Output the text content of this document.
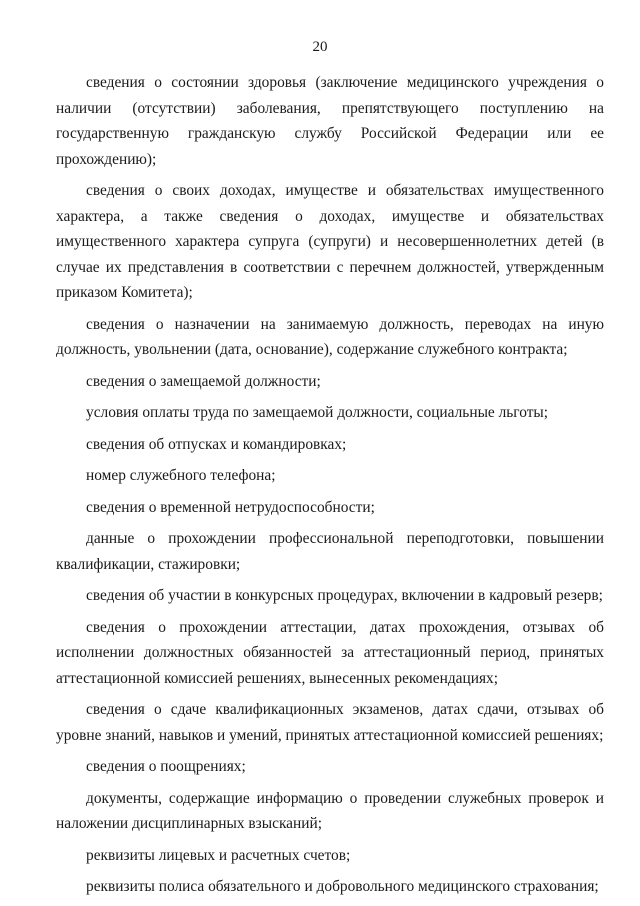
20

сведения о состоянии здоровья (заключение медицинского учреждения о наличии (отсутствии) заболевания, препятствующего поступлению на государственную гражданскую службу Российской Федерации или ее прохождению);

сведения о своих доходах, имуществе и обязательствах имущественного характера, а также сведения о доходах, имуществе и обязательствах имущественного характера супруга (супруги) и несовершеннолетних детей (в случае их представления в соответствии с перечнем должностей, утвержденным приказом Комитета);

сведения о назначении на занимаемую должность, переводах на иную должность, увольнении (дата, основание), содержание служебного контракта;

сведения о замещаемой должности;

условия оплаты труда по замещаемой должности, социальные льготы;

сведения об отпусках и командировках;

номер служебного телефона;

сведения о временной нетрудоспособности;

данные о прохождении профессиональной переподготовки, повышении квалификации, стажировки;

сведения об участии в конкурсных процедурах, включении в кадровый резерв;

сведения о прохождении аттестации, датах прохождения, отзывах об исполнении должностных обязанностей за аттестационный период, принятых аттестационной комиссией решениях, вынесенных рекомендациях;

сведения о сдаче квалификационных экзаменов, датах сдачи, отзывах об уровне знаний, навыков и умений, принятых аттестационной комиссией решениях;

сведения о поощрениях;

документы, содержащие информацию о проведении служебных проверок и наложении дисциплинарных взысканий;

реквизиты лицевых и расчетных счетов;

реквизиты полиса обязательного и добровольного медицинского страхования;
